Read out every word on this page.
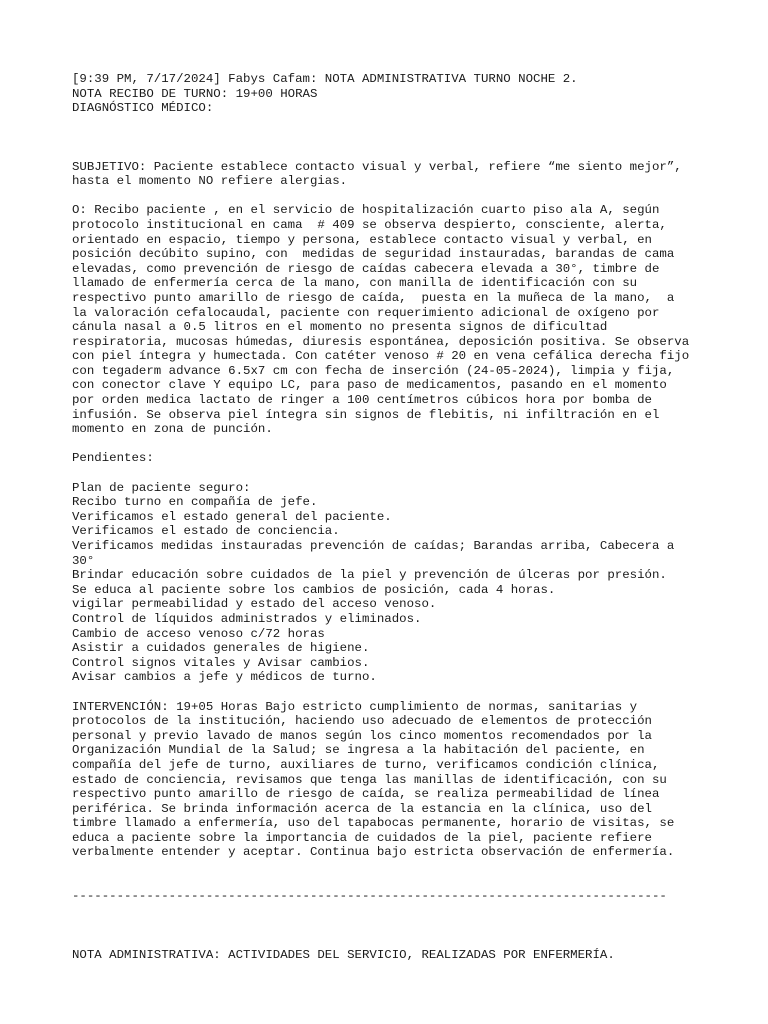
[9:39 PM, 7/17/2024] Fabys Cafam: NOTA ADMINISTRATIVA TURNO NOCHE 2.
NOTA RECIBO DE TURNO: 19+00 HORAS
DIAGNÓSTICO MÉDICO:
SUBJETIVO: Paciente establece contacto visual y verbal, refiere “me siento mejor”,
hasta el momento NO refiere alergias.
O: Recibo paciente , en el servicio de hospitalización cuarto piso ala A, según
protocolo institucional en cama  # 409 se observa despierto, consciente, alerta,
orientado en espacio, tiempo y persona, establece contacto visual y verbal, en
posición decúbito supino, con  medidas de seguridad instauradas, barandas de cama
elevadas, como prevención de riesgo de caídas cabecera elevada a 30°, timbre de
llamado de enfermería cerca de la mano, con manilla de identificación con su
respectivo punto amarillo de riesgo de caída,  puesta en la muñeca de la mano,  a
la valoración cefalocaudal, paciente con requerimiento adicional de oxígeno por
cánula nasal a 0.5 litros en el momento no presenta signos de dificultad
respiratoria, mucosas húmedas, diuresis espontánea, deposición positiva. Se observa
con piel íntegra y humectada. Con catéter venoso # 20 en vena cefálica derecha fijo
con tegaderm advance 6.5x7 cm con fecha de inserción (24-05-2024), limpia y fija,
con conector clave Y equipo LC, para paso de medicamentos, pasando en el momento
por orden medica lactato de ringer a 100 centímetros cúbicos hora por bomba de
infusión. Se observa piel íntegra sin signos de flebitis, ni infiltración en el
momento en zona de punción.
Pendientes:
Plan de paciente seguro:
Recibo turno en compañía de jefe.
Verificamos el estado general del paciente.
Verificamos el estado de conciencia.
Verificamos medidas instauradas prevención de caídas; Barandas arriba, Cabecera a
30°
Brindar educación sobre cuidados de la piel y prevención de úlceras por presión.
Se educa al paciente sobre los cambios de posición, cada 4 horas.
vigilar permeabilidad y estado del acceso venoso.
Control de líquidos administrados y eliminados.
Cambio de acceso venoso c/72 horas
Asistir a cuidados generales de higiene.
Control signos vitales y Avisar cambios.
Avisar cambios a jefe y médicos de turno.
INTERVENCIÓN: 19+05 Horas Bajo estricto cumplimiento de normas, sanitarias y
protocolos de la institución, haciendo uso adecuado de elementos de protección
personal y previo lavado de manos según los cinco momentos recomendados por la
Organización Mundial de la Salud; se ingresa a la habitación del paciente, en
compañía del jefe de turno, auxiliares de turno, verificamos condición clínica,
estado de conciencia, revisamos que tenga las manillas de identificación, con su
respectivo punto amarillo de riesgo de caída, se realiza permeabilidad de línea
periférica. Se brinda información acerca de la estancia en la clínica, uso del
timbre llamado a enfermería, uso del tapabocas permanente, horario de visitas, se
educa a paciente sobre la importancia de cuidados de la piel, paciente refiere
verbalmente entender y aceptar. Continua bajo estricta observación de enfermería.
--------------------------------------------------------------------------------
NOTA ADMINISTRATIVA: ACTIVIDADES DEL SERVICIO, REALIZADAS POR ENFERMERÍA.
